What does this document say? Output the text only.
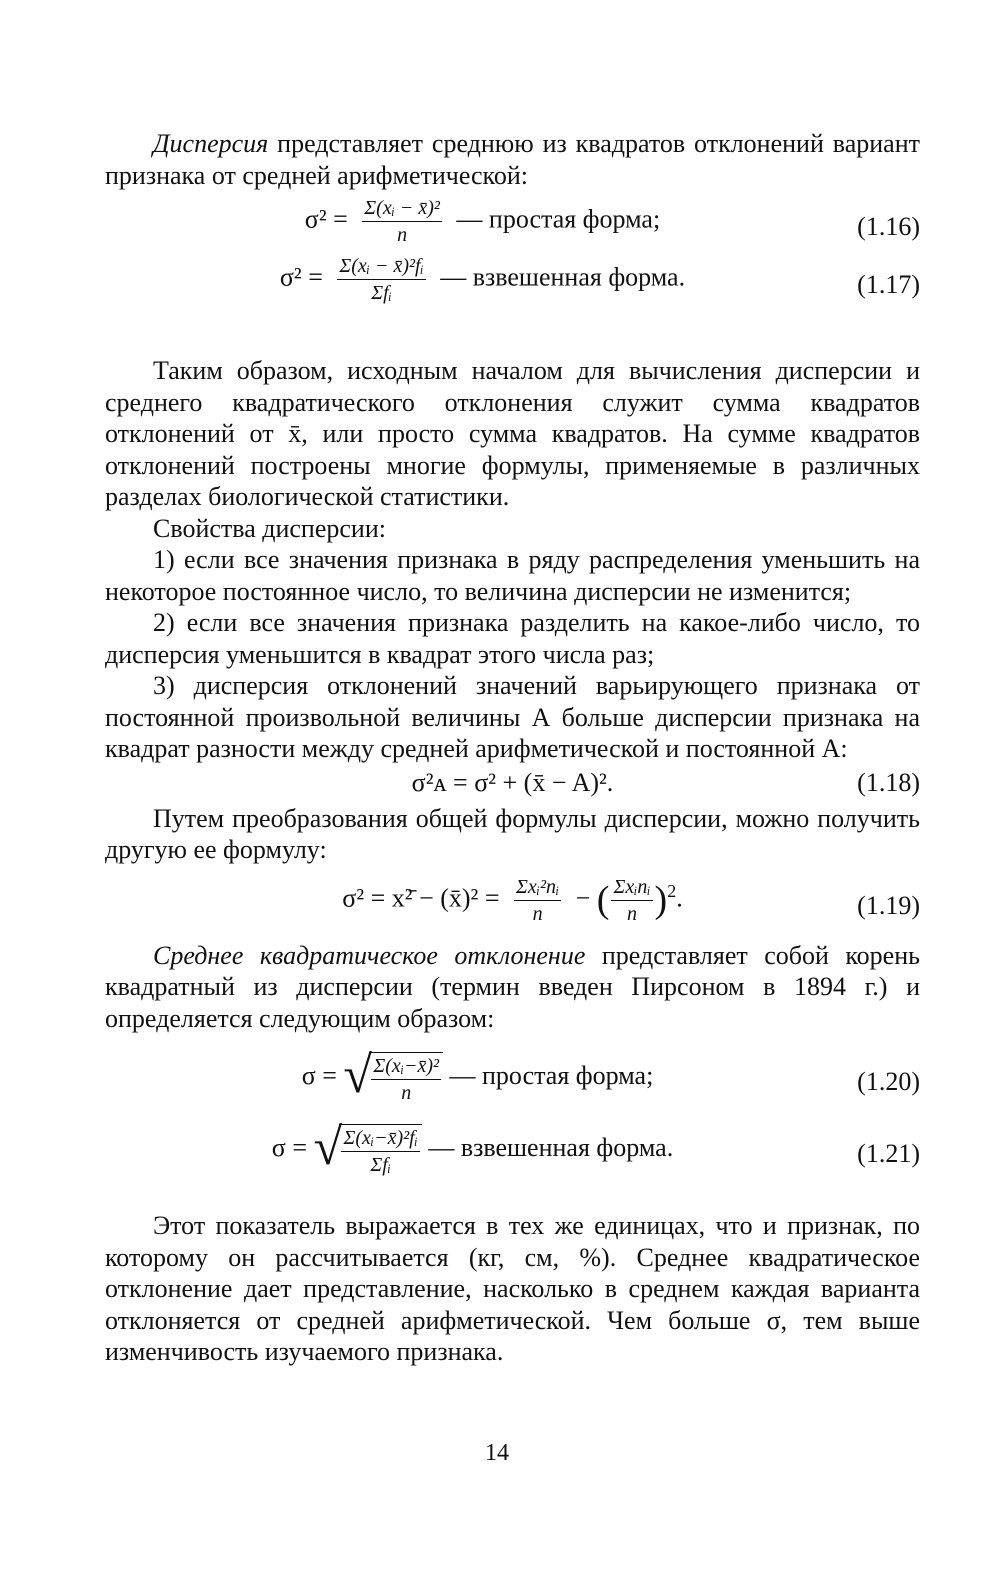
Дисперсия представляет среднюю из квадратов отклонений вариант признака от средней арифметической:

$\sigma^2 = \frac{\text{Σ(xᵢ − x̄)²}}{n}$ — простая форма;	(1.16)
$\sigma^2 = \frac{\text{Σ(xᵢ − x̄)²fᵢ}}{\text{Σfᵢ}}$ — взвешенная форма.	(1.17)

Таким образом, исходным началом для вычисления дисперсии и среднего квадратического отклонения служит сумма квадратов отклонений от x̄, или просто сумма квадратов. На сумме квадратов отклонений построены многие формулы, применяемые в различных разделах биологической статистики.

Свойства дисперсии:

1) если все значения признака в ряду распределения уменьшить на некоторое постоянное число, то величина дисперсии не изменится;

2) если все значения признака разделить на какое-либо число, то дисперсия уменьшится в квадрат этого числа раз;

3) дисперсия отклонений значений варьирующего признака от постоянной произвольной величины А больше дисперсии признака на квадрат разности между средней арифметической и постоянной А:

σ²ᴀ = σ² + (x̄ − A)².	(1.18)

Путем преобразования общей формулы дисперсии, можно получить другую ее формулу:

σ² = x²̄ − (x̄)² = $\frac{\text{Σxᵢ²nᵢ}}{n}$ − ( $\frac{\text{Σxᵢnᵢ}}{n} )^2$.	(1.19)

Среднее квадратическое отклонение представляет собой корень квадратный из дисперсии (термин введен Пирсоном в 1894 г.) и определяется следующим образом:

σ = √ $\frac{\text{Σ(xᵢ−x̄)²}}{n}$ — простая форма;	(1.20)
σ = √ $\frac{\text{Σ(xᵢ−x̄)²fᵢ}}{\text{Σfᵢ}}$ — взвешенная форма.	(1.21)

Этот показатель выражается в тех же единицах, что и признак, по которому он рассчитывается (кг, см, %). Среднее квадратическое отклонение дает представление, насколько в среднем каждая варианта отклоняется от средней арифметической. Чем больше σ, тем выше изменчивость изучаемого признака.

14
